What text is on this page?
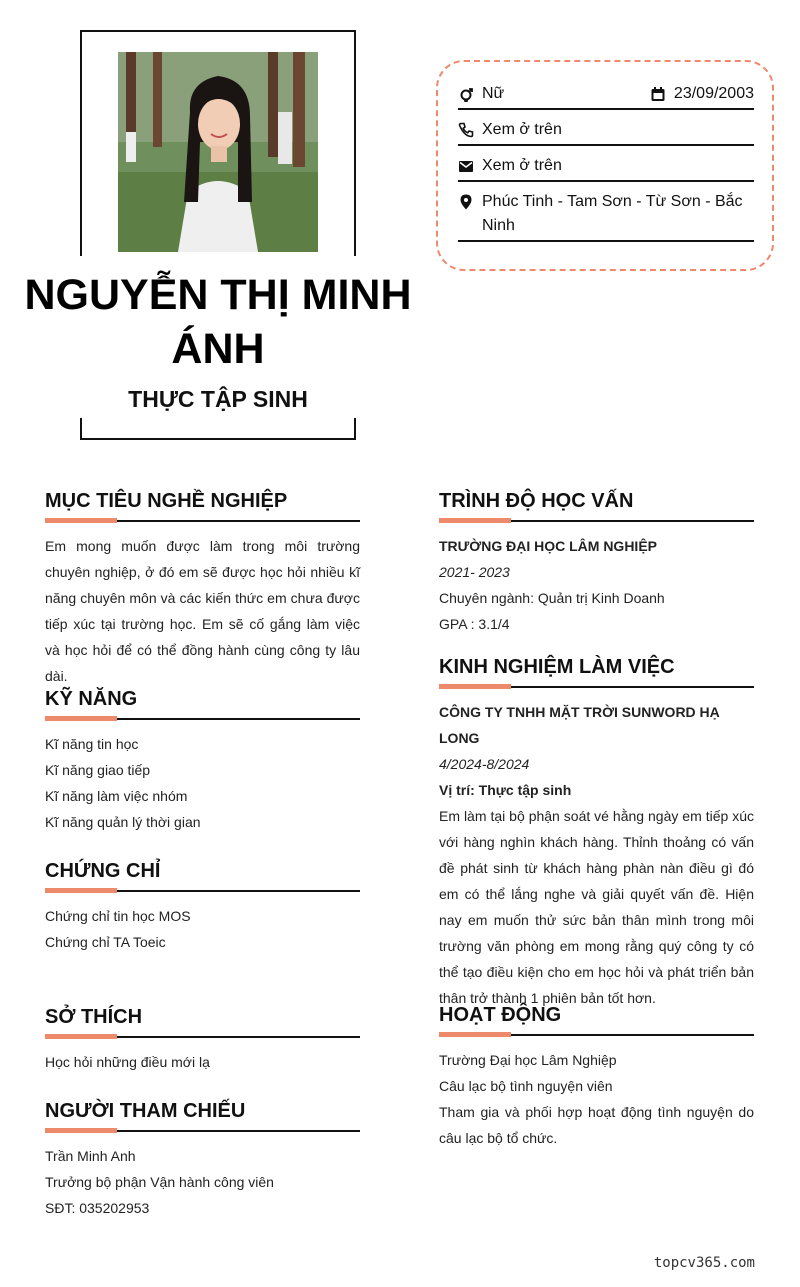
NGUYỄN THỊ MINH ÁNH
THỰC TẬP SINH
Nữ	23/09/2003
Xem ở trên
Xem ở trên
Phúc Tinh - Tam Sơn - Từ Sơn - Bắc Ninh
MỤC TIÊU NGHỀ NGHIỆP
Em mong muốn được làm trong môi trường chuyên nghiệp, ở đó em sẽ được học hỏi nhiều kĩ năng chuyên môn và các kiến thức em chưa được tiếp xúc tại trường học. Em sẽ cố gắng làm việc và học hỏi để có thể đồng hành cùng công ty lâu dài.
KỸ NĂNG
Kĩ năng tin học
Kĩ năng giao tiếp
Kĩ năng làm việc nhóm
Kĩ năng quản lý thời gian
CHỨNG CHỈ
Chứng chỉ tin học MOS
Chứng chỉ TA Toeic
SỞ THÍCH
Học hỏi những điều mới lạ
NGƯỜI THAM CHIẾU
Trần Minh Anh
Trưởng bộ phận Vận hành công viên
SĐT: 035202953
TRÌNH ĐỘ HỌC VẤN
TRƯỜNG ĐẠI HỌC LÂM NGHIỆP
2021- 2023
Chuyên ngành: Quản trị Kinh Doanh
GPA : 3.1/4
KINH NGHIỆM LÀM VIỆC
CÔNG TY TNHH MẶT TRỜI SUNWORD HẠ LONG
4/2024-8/2024
Vị trí: Thực tập sinh
Em làm tại bộ phận soát vé hằng ngày em tiếp xúc với hàng nghìn khách hàng. Thỉnh thoảng có vấn đề phát sinh từ khách hàng phàn nàn điều gì đó em có thể lắng nghe và giải quyết vấn đề. Hiện nay em muốn thử sức bản thân mình trong môi trường văn phòng em mong rằng quý công ty có thể tạo điều kiện cho em học hỏi và phát triển bản thân trở thành 1 phiên bản tốt hơn.
HOẠT ĐỘNG
Trường Đại học Lâm Nghiệp
Câu lạc bộ tình nguyện viên
Tham gia và phối hợp hoạt động tình nguyện do câu lạc bộ tổ chức.
topcv365.com
